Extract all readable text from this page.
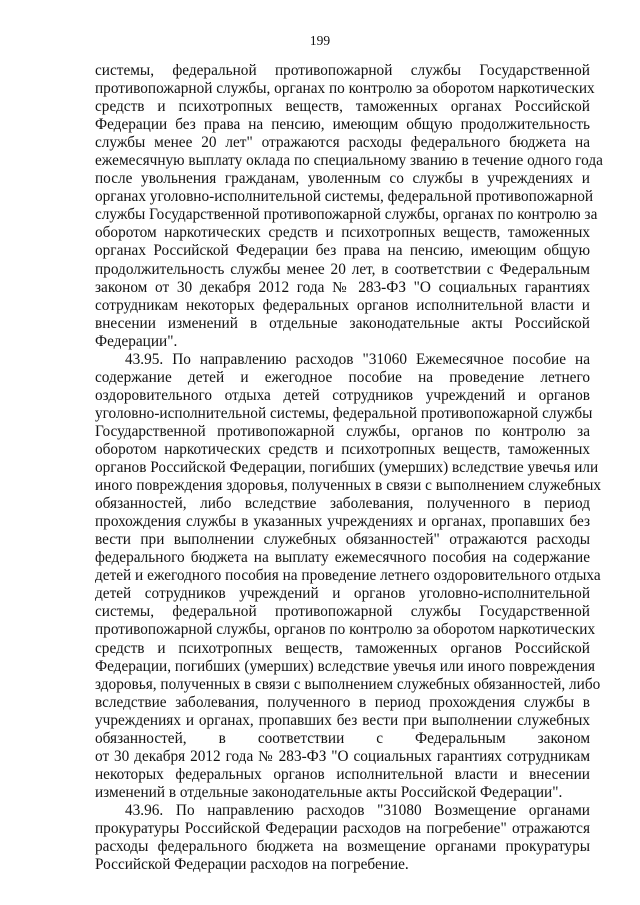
199
системы, федеральной противопожарной службы Государственной
противопожарной службы, органах по контролю за оборотом наркотических
средств и психотропных веществ, таможенных органах Российской
Федерации без права на пенсию, имеющим общую продолжительность
службы менее 20 лет" отражаются расходы федерального бюджета на
ежемесячную выплату оклада по специальному званию в течение одного года
после увольнения гражданам, уволенным со службы в учреждениях и
органах уголовно-исполнительной системы, федеральной противопожарной
службы Государственной противопожарной службы, органах по контролю за
оборотом наркотических средств и психотропных веществ, таможенных
органах Российской Федерации без права на пенсию, имеющим общую
продолжительность службы менее 20 лет, в соответствии с Федеральным
законом от 30 декабря 2012 года № 283-ФЗ "О социальных гарантиях
сотрудникам некоторых федеральных органов исполнительной власти и
внесении изменений в отдельные законодательные акты Российской
Федерации".
43.95. По направлению расходов "31060 Ежемесячное пособие на
содержание детей и ежегодное пособие на проведение летнего
оздоровительного отдыха детей сотрудников учреждений и органов
уголовно-исполнительной системы, федеральной противопожарной службы
Государственной противопожарной службы, органов по контролю за
оборотом наркотических средств и психотропных веществ, таможенных
органов Российской Федерации, погибших (умерших) вследствие увечья или
иного повреждения здоровья, полученных в связи с выполнением служебных
обязанностей, либо вследствие заболевания, полученного в период
прохождения службы в указанных учреждениях и органах, пропавших без
вести при выполнении служебных обязанностей" отражаются расходы
федерального бюджета на выплату ежемесячного пособия на содержание
детей и ежегодного пособия на проведение летнего оздоровительного отдыха
детей сотрудников учреждений и органов уголовно-исполнительной
системы, федеральной противопожарной службы Государственной
противопожарной службы, органов по контролю за оборотом наркотических
средств и психотропных веществ, таможенных органов Российской
Федерации, погибших (умерших) вследствие увечья или иного повреждения
здоровья, полученных в связи с выполнением служебных обязанностей, либо
вследствие заболевания, полученного в период прохождения службы в
учреждениях и органах, пропавших без вести при выполнении служебных
обязанностей, в соответствии с Федеральным законом
от 30 декабря 2012 года № 283-ФЗ "О социальных гарантиях сотрудникам
некоторых федеральных органов исполнительной власти и внесении
изменений в отдельные законодательные акты Российской Федерации".
43.96. По направлению расходов "31080 Возмещение органами
прокуратуры Российской Федерации расходов на погребение" отражаются
расходы федерального бюджета на возмещение органами прокуратуры
Российской Федерации расходов на погребение.
